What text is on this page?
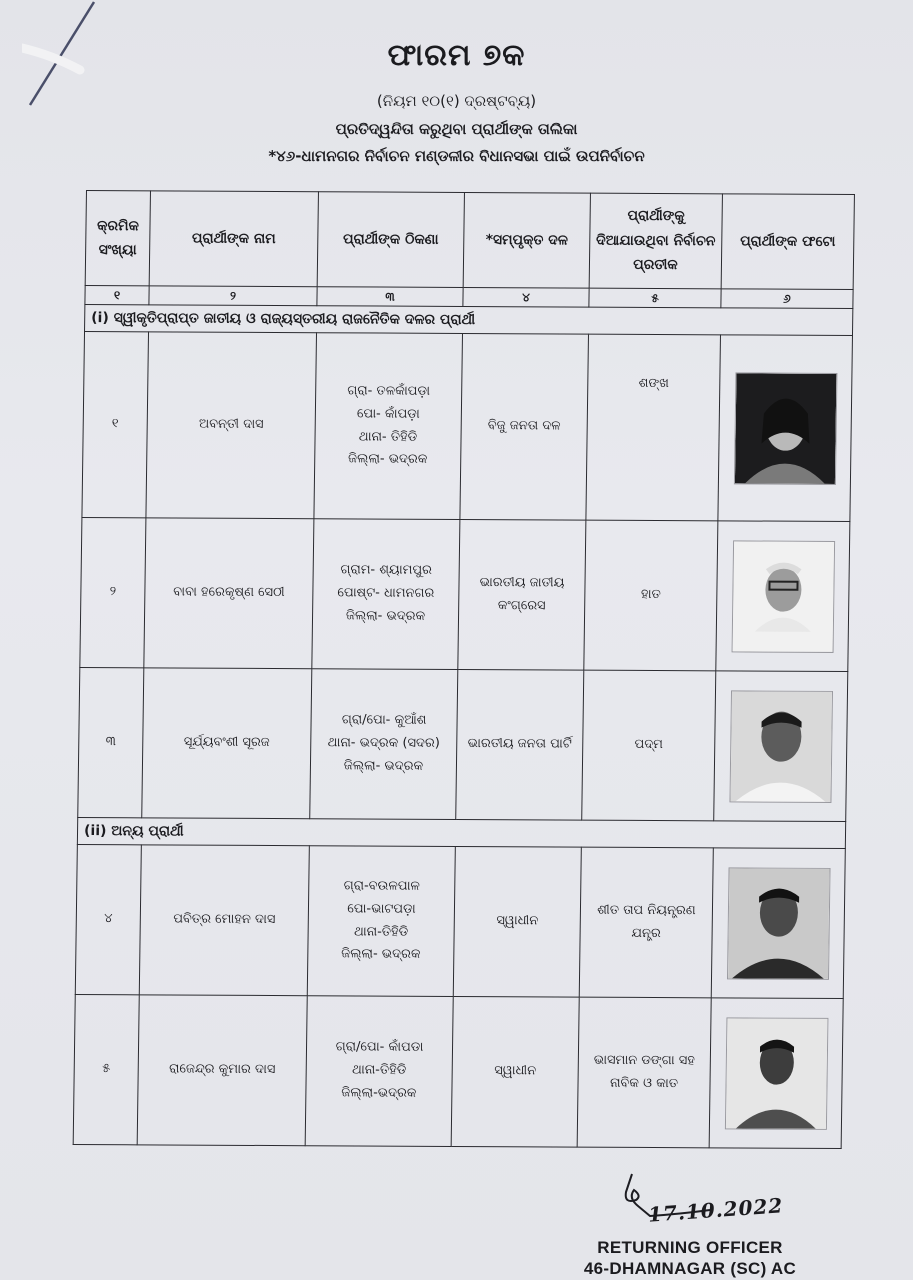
ଫାରମ ୭କ
(ନିୟମ ୧୦(୧) ଦ୍ରଷ୍ଟବ୍ୟ)
ପ୍ରତିଦ୍ୱନ୍ଦିତା କରୁଥିବା ପ୍ରାର୍ଥୀଙ୍କ ତାଲିକା
*୪୬-ଧାମନଗର ନିର୍ବାଚନ ମଣ୍ଡଳୀର ବିଧାନସଭା ପାଇଁ ଉପନିର୍ବାଚନ
କ୍ରମିକ ସଂଖ୍ୟା	ପ୍ରାର୍ଥୀଙ୍କ ନାମ	ପ୍ରାର୍ଥୀଙ୍କ ଠିକଣା	*ସମ୍ପୃକ୍ତ ଦଳ	ପ୍ରାର୍ଥୀଙ୍କୁ ଦିଆଯାଉଥିବା ନିର୍ବାଚନ ପ୍ରତୀକ	ପ୍ରାର୍ଥୀଙ୍କ ଫଟୋ
୧	୨	୩	୪	୫	୬
(i) ସ୍ୱୀକୃତିପ୍ରାପ୍ତ ଜାତୀୟ ଓ ରାଜ୍ୟସ୍ତରୀୟ ରାଜନୈତିକ ଦଳର ପ୍ରାର୍ଥୀ					
୧	ଅବନ୍ତୀ ଦାସ	ଗ୍ରା- ତଳକାଁପଡ଼ା
ପୋ- କାଁପଡ଼ା
ଥାନା- ତିହିଡି
ଜିଲ୍ଲା- ଭଦ୍ରକ	ବିଜୁ ଜନତା ଦଳ	ଶଙ୍ଖ	

୨	ବାବା ହରେକୃଷ୍ଣ ସେଠୀ	ଗ୍ରାମ- ଶ୍ୟାମପୁର
ପୋଷ୍ଟ- ଧାମନଗର
ଜିଲ୍ଲା- ଭଦ୍ରକ	ଭାରତୀୟ ଜାତୀୟ କଂଗ୍ରେସ	ହାତ	

୩	ସୂର୍ଯ୍ୟବଂଶୀ ସୂରଜ	ଗ୍ରା/ପୋ- କୁଆଁଶ
ଥାନା- ଭଦ୍ରକ (ସଦର)
ଜିଲ୍ଲା- ଭଦ୍ରକ	ଭାରତୀୟ ଜନତା ପାର୍ଟି	ପଦ୍ମ	

(ii) ଅନ୍ୟ ପ୍ରାର୍ଥୀ					
୪	ପବିତ୍ର ମୋହନ ଦାସ	ଗ୍ରା-ବଉଳପାଳ
ପୋ-ଭାଟପଡ଼ା
ଥାନା-ତିହିଡି
ଜିଲ୍ଲା- ଭଦ୍ରକ	ସ୍ୱାଧୀନ	ଶୀତ ତାପ ନିୟନ୍ତ୍ରଣ ଯନ୍ତ୍ର	

୫	ରାଜେନ୍ଦ୍ର କୁମାର ଦାସ	ଗ୍ରା/ପୋ- କାଁପଡା
ଥାନା-ତିହିଡି
ଜିଲ୍ଲା-ଭଦ୍ରକ	ସ୍ୱାଧୀନ	ଭାସମାନ ଡଙ୍ଗା ସହ ନାବିକ ଓ କାତ	
17.10.2022
RETURNING OFFICER
46-DHAMNAGAR (SC) AC
